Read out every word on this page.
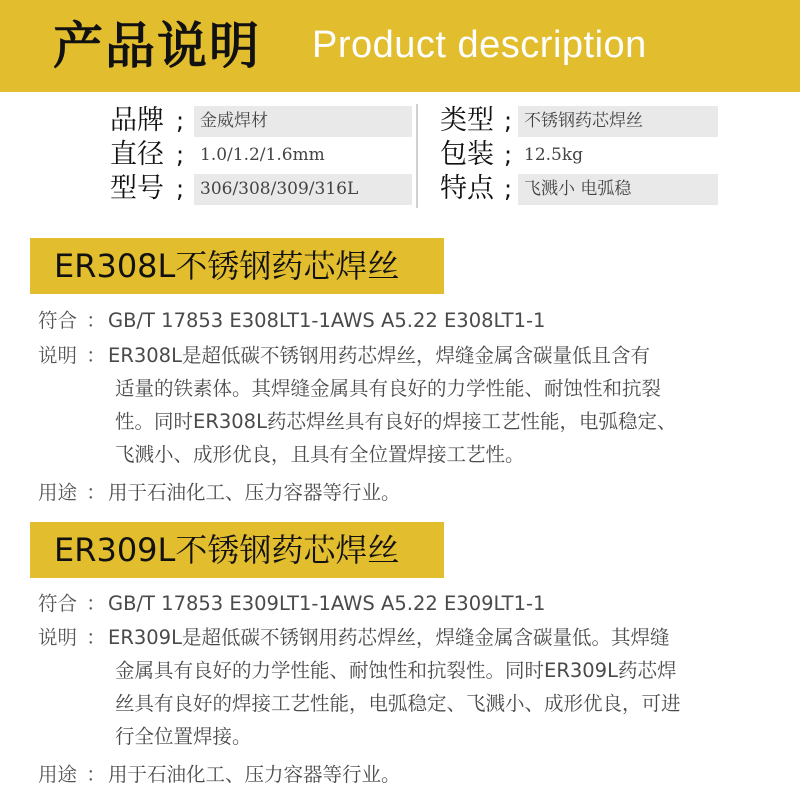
产品说明 Product description
品牌 ; 金威焊材
直径 ; 1.0/1.2/1.6mm
型号 ; 306/308/309/316L
类型 ; 不锈钢药芯焊丝
包装 ; 12.5kg
特点 ; 飞溅小 电弧稳
ER308L不锈钢药芯焊丝
符合 ： GB/T 17853 E308LT1-1AWS A5.22 E308LT1-1
说明 ： ER308L是超低碳不锈钢用药芯焊丝，焊缝金属含碳量低且含有
适量的铁素体。其焊缝金属具有良好的力学性能、耐蚀性和抗裂
性。同时ER308L药芯焊丝具有良好的焊接工艺性能，电弧稳定、
飞溅小、成形优良，且具有全位置焊接工艺性。
用途 ： 用于石油化工、压力容器等行业。
ER309L不锈钢药芯焊丝
符合 ： GB/T 17853 E309LT1-1AWS A5.22 E309LT1-1
说明 ： ER309L是超低碳不锈钢用药芯焊丝，焊缝金属含碳量低。其焊缝
金属具有良好的力学性能、耐蚀性和抗裂性。同时ER309L药芯焊
丝具有良好的焊接工艺性能，电弧稳定、飞溅小、成形优良，可进
行全位置焊接。
用途 ： 用于石油化工、压力容器等行业。
